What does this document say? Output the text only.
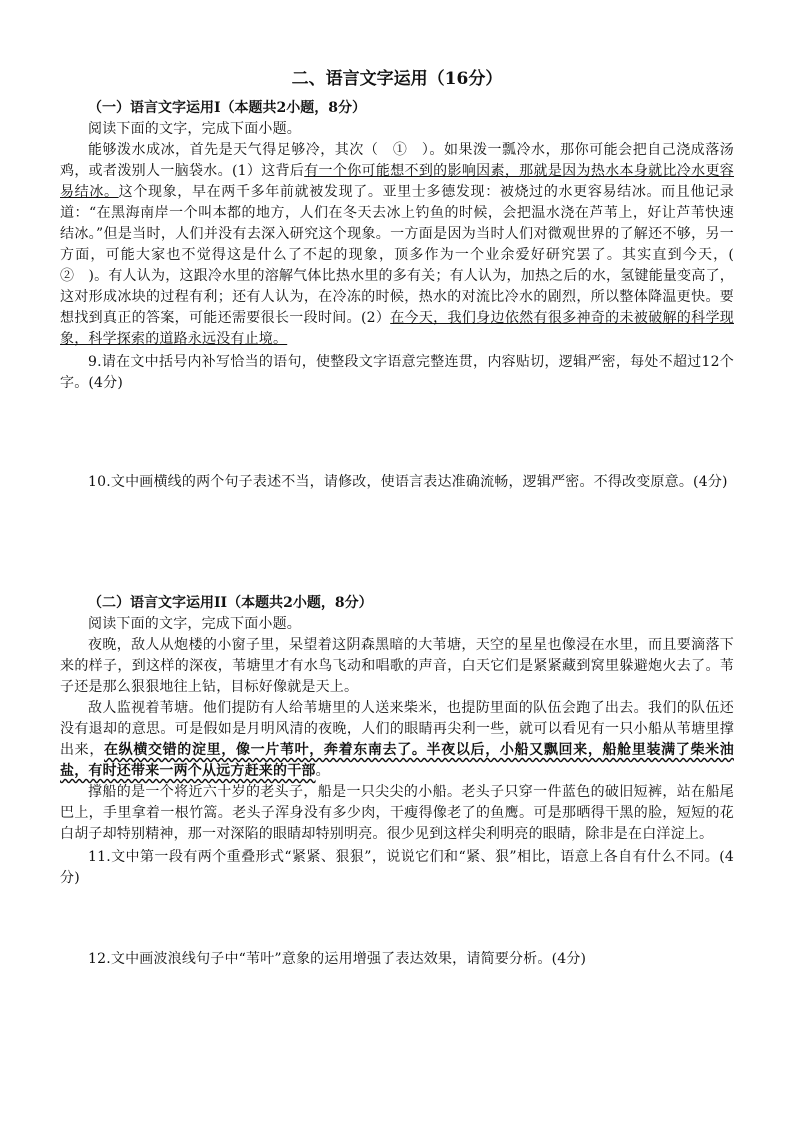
二、语言文字运用（16分）
（一）语言文字运用Ⅰ（本题共2小题，8分）

阅读下面的文字，完成下面小题。

能够泼水成冰，首先是天气得足够冷，其次（　①　）。如果泼一瓢冷水，那你可能会把自己浇成落汤鸡，或者泼别人一脑袋水。(1）这背后有一个你可能想不到的影响因素，那就是因为热水本身就比冷水更容易结冰。这个现象，早在两千多年前就被发现了。亚里士多德发现：被烧过的水更容易结冰。而且他记录道：“在黑海南岸一个叫本都的地方，人们在冬天去冰上钓鱼的时候，会把温水浇在芦苇上，好让芦苇快速结冰。”但是当时，人们并没有去深入研究这个现象。一方面是因为当时人们对微观世界的了解还不够，另一方面，可能大家也不觉得这是什么了不起的现象，顶多作为一个业余爱好研究罢了。其实直到今天，(　②　)。有人认为，这跟冷水里的溶解气体比热水里的多有关；有人认为，加热之后的水，氢键能量变高了，这对形成冰块的过程有利；还有人认为，在冷冻的时候，热水的对流比冷水的剧烈，所以整体降温更快。要想找到真正的答案，可能还需要很长一段时间。(2）在今天，我们身边依然有很多神奇的未被破解的科学现象，科学探索的道路永远没有止境。

9.请在文中括号内补写恰当的语句，使整段文字语意完整连贯，内容贴切，逻辑严密，每处不超过12个字。(4分)

10.文中画横线的两个句子表述不当，请修改，使语言表达准确流畅，逻辑严密。不得改变原意。(4分)

（二）语言文字运用II（本题共2小题，8分）

阅读下面的文字，完成下面小题。

夜晚，敌人从炮楼的小窗子里，呆望着这阴森黑暗的大苇塘，天空的星星也像浸在水里，而且要滴落下来的样子，到这样的深夜，苇塘里才有水鸟飞动和唱歌的声音，白天它们是紧紧藏到窝里躲避炮火去了。苇子还是那么狠狠地往上钻，目标好像就是天上。

敌人监视着苇塘。他们提防有人给苇塘里的人送来柴米，也提防里面的队伍会跑了出去。我们的队伍还没有退却的意思。可是假如是月明风清的夜晚，人们的眼睛再尖利一些，就可以看见有一只小船从苇塘里撑出来，在纵横交错的淀里，像一片苇叶，奔着东南去了。半夜以后，小船又飘回来，船舱里装满了柴米油盐，有时还带来一两个从远方赶来的干部。

撑船的是一个将近六十岁的老头子，船是一只尖尖的小船。老头子只穿一件蓝色的破旧短裤，站在船尾巴上，手里拿着一根竹篙。老头子浑身没有多少肉，干瘦得像老了的鱼鹰。可是那晒得干黑的脸，短短的花白胡子却特别精神，那一对深陷的眼睛却特别明亮。很少见到这样尖利明亮的眼睛，除非是在白洋淀上。

11.文中第一段有两个重叠形式“紧紧、狠狠”，说说它们和“紧、狠”相比，语意上各自有什么不同。(4分)

12.文中画波浪线句子中“苇叶”意象的运用增强了表达效果，请简要分析。(4分)
